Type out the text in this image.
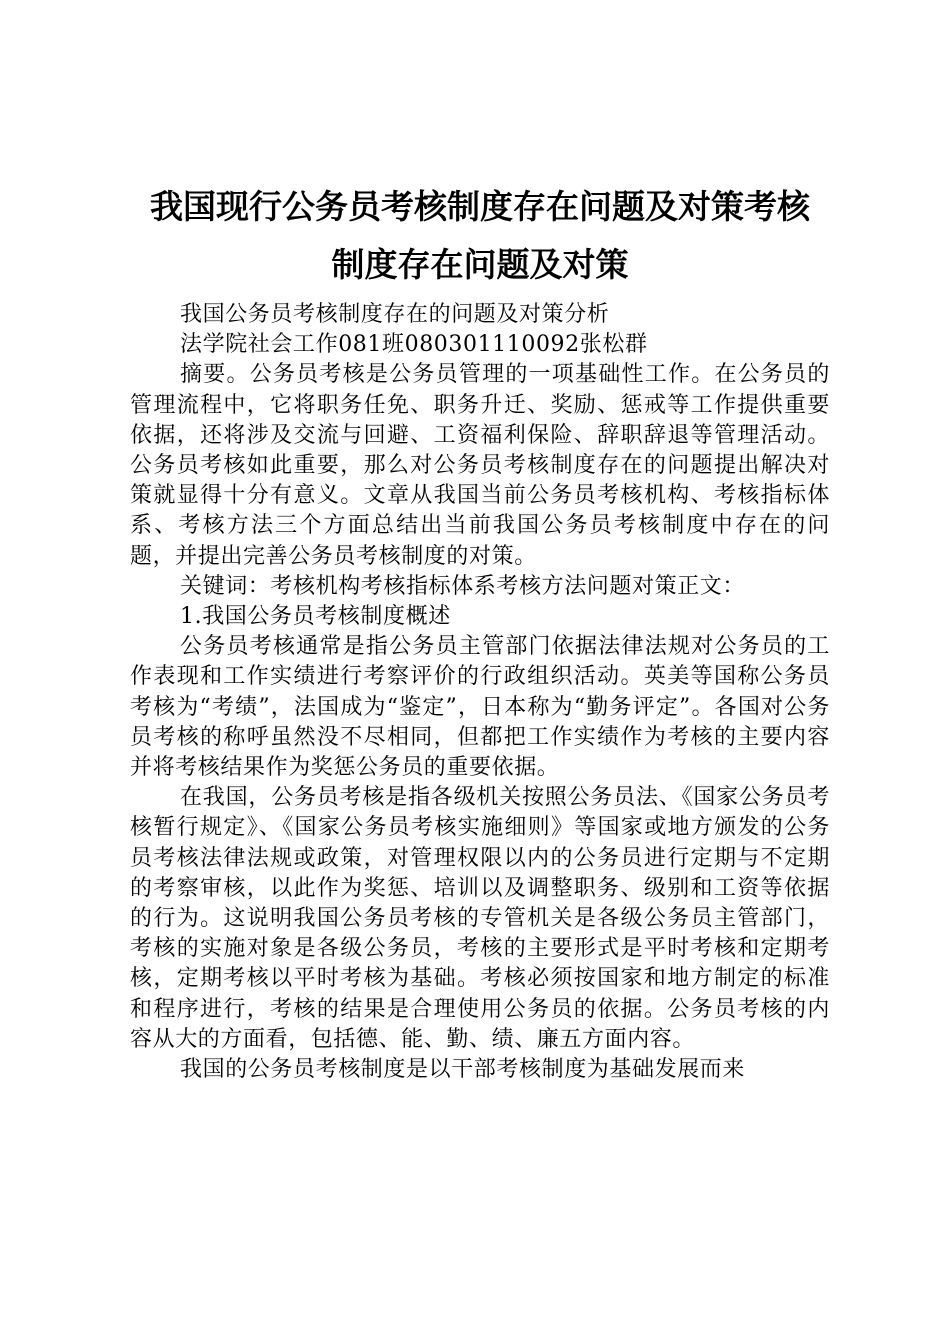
我国现行公务员考核制度存在问题及对策考核
制度存在问题及对策

我国公务员考核制度存在的问题及对策分析

法学院社会工作081班080301110092张松群

摘要。公务员考核是公务员管理的一项基础性工作。在公务员的管理流程中，它将职务任免、职务升迁、奖励、惩戒等工作提供重要依据，还将涉及交流与回避、工资福利保险、辞职辞退等管理活动。公务员考核如此重要，那么对公务员考核制度存在的问题提出解决对策就显得十分有意义。文章从我国当前公务员考核机构、考核指标体系、考核方法三个方面总结出当前我国公务员考核制度中存在的问题，并提出完善公务员考核制度的对策。

关键词：考核机构考核指标体系考核方法问题对策正文：

1.我国公务员考核制度概述

公务员考核通常是指公务员主管部门依据法律法规对公务员的工作表现和工作实绩进行考察评价的行政组织活动。英美等国称公务员考核为“考绩”，法国成为“鉴定”，日本称为“勤务评定”。各国对公务员考核的称呼虽然没不尽相同，但都把工作实绩作为考核的主要内容并将考核结果作为奖惩公务员的重要依据。

在我国，公务员考核是指各级机关按照公务员法、《国家公务员考核暂行规定》、《国家公务员考核实施细则》等国家或地方颁发的公务员考核法律法规或政策，对管理权限以内的公务员进行定期与不定期的考察审核，以此作为奖惩、培训以及调整职务、级别和工资等依据的行为。这说明我国公务员考核的专管机关是各级公务员主管部门，考核的实施对象是各级公务员，考核的主要形式是平时考核和定期考核，定期考核以平时考核为基础。考核必须按国家和地方制定的标准和程序进行，考核的结果是合理使用公务员的依据。公务员考核的内容从大的方面看，包括德、能、勤、绩、廉五方面内容。

我国的公务员考核制度是以干部考核制度为基础发展而来
